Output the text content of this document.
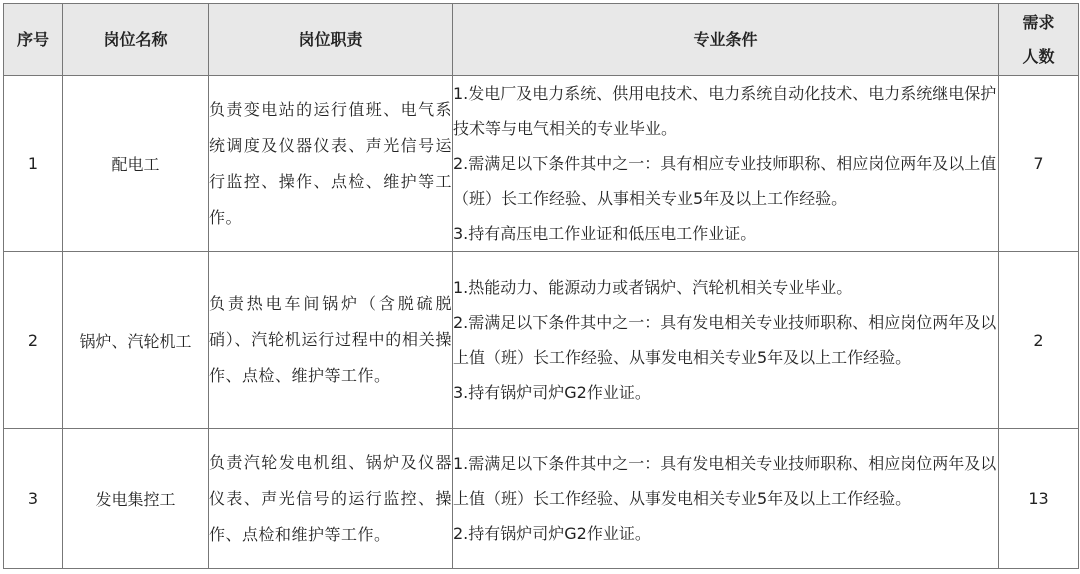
序号	岗位名称	岗位职责	专业条件	需求人数
1	配电工	负责变电站的运行值班、电气系统调度及仪器仪表、声光信号运行监控、操作、点检、维护等工作。	1.发电厂及电力系统、供用电技术、电力系统自动化技术、电力系统继电保护技术等与电气相关的专业毕业。
2.需满足以下条件其中之一：具有相应专业技师职称、相应岗位两年及以上值（班）长工作经验、从事相关专业5年及以上工作经验。
3.持有高压电工作业证和低压电工作业证。	7
2	锅炉、汽轮机工	负责热电车间锅炉（含脱硫脱硝）、汽轮机运行过程中的相关操作、点检、维护等工作。	1.热能动力、能源动力或者锅炉、汽轮机相关专业毕业。
2.需满足以下条件其中之一：具有发电相关专业技师职称、相应岗位两年及以上值（班）长工作经验、从事发电相关专业5年及以上工作经验。
3.持有锅炉司炉G2作业证。	2
3	发电集控工	负责汽轮发电机组、锅炉及仪器仪表、声光信号的运行监控、操作、点检和维护等工作。	1.需满足以下条件其中之一：具有发电相关专业技师职称、相应岗位两年及以上值（班）长工作经验、从事发电相关专业5年及以上工作经验。
2.持有锅炉司炉G2作业证。	13
